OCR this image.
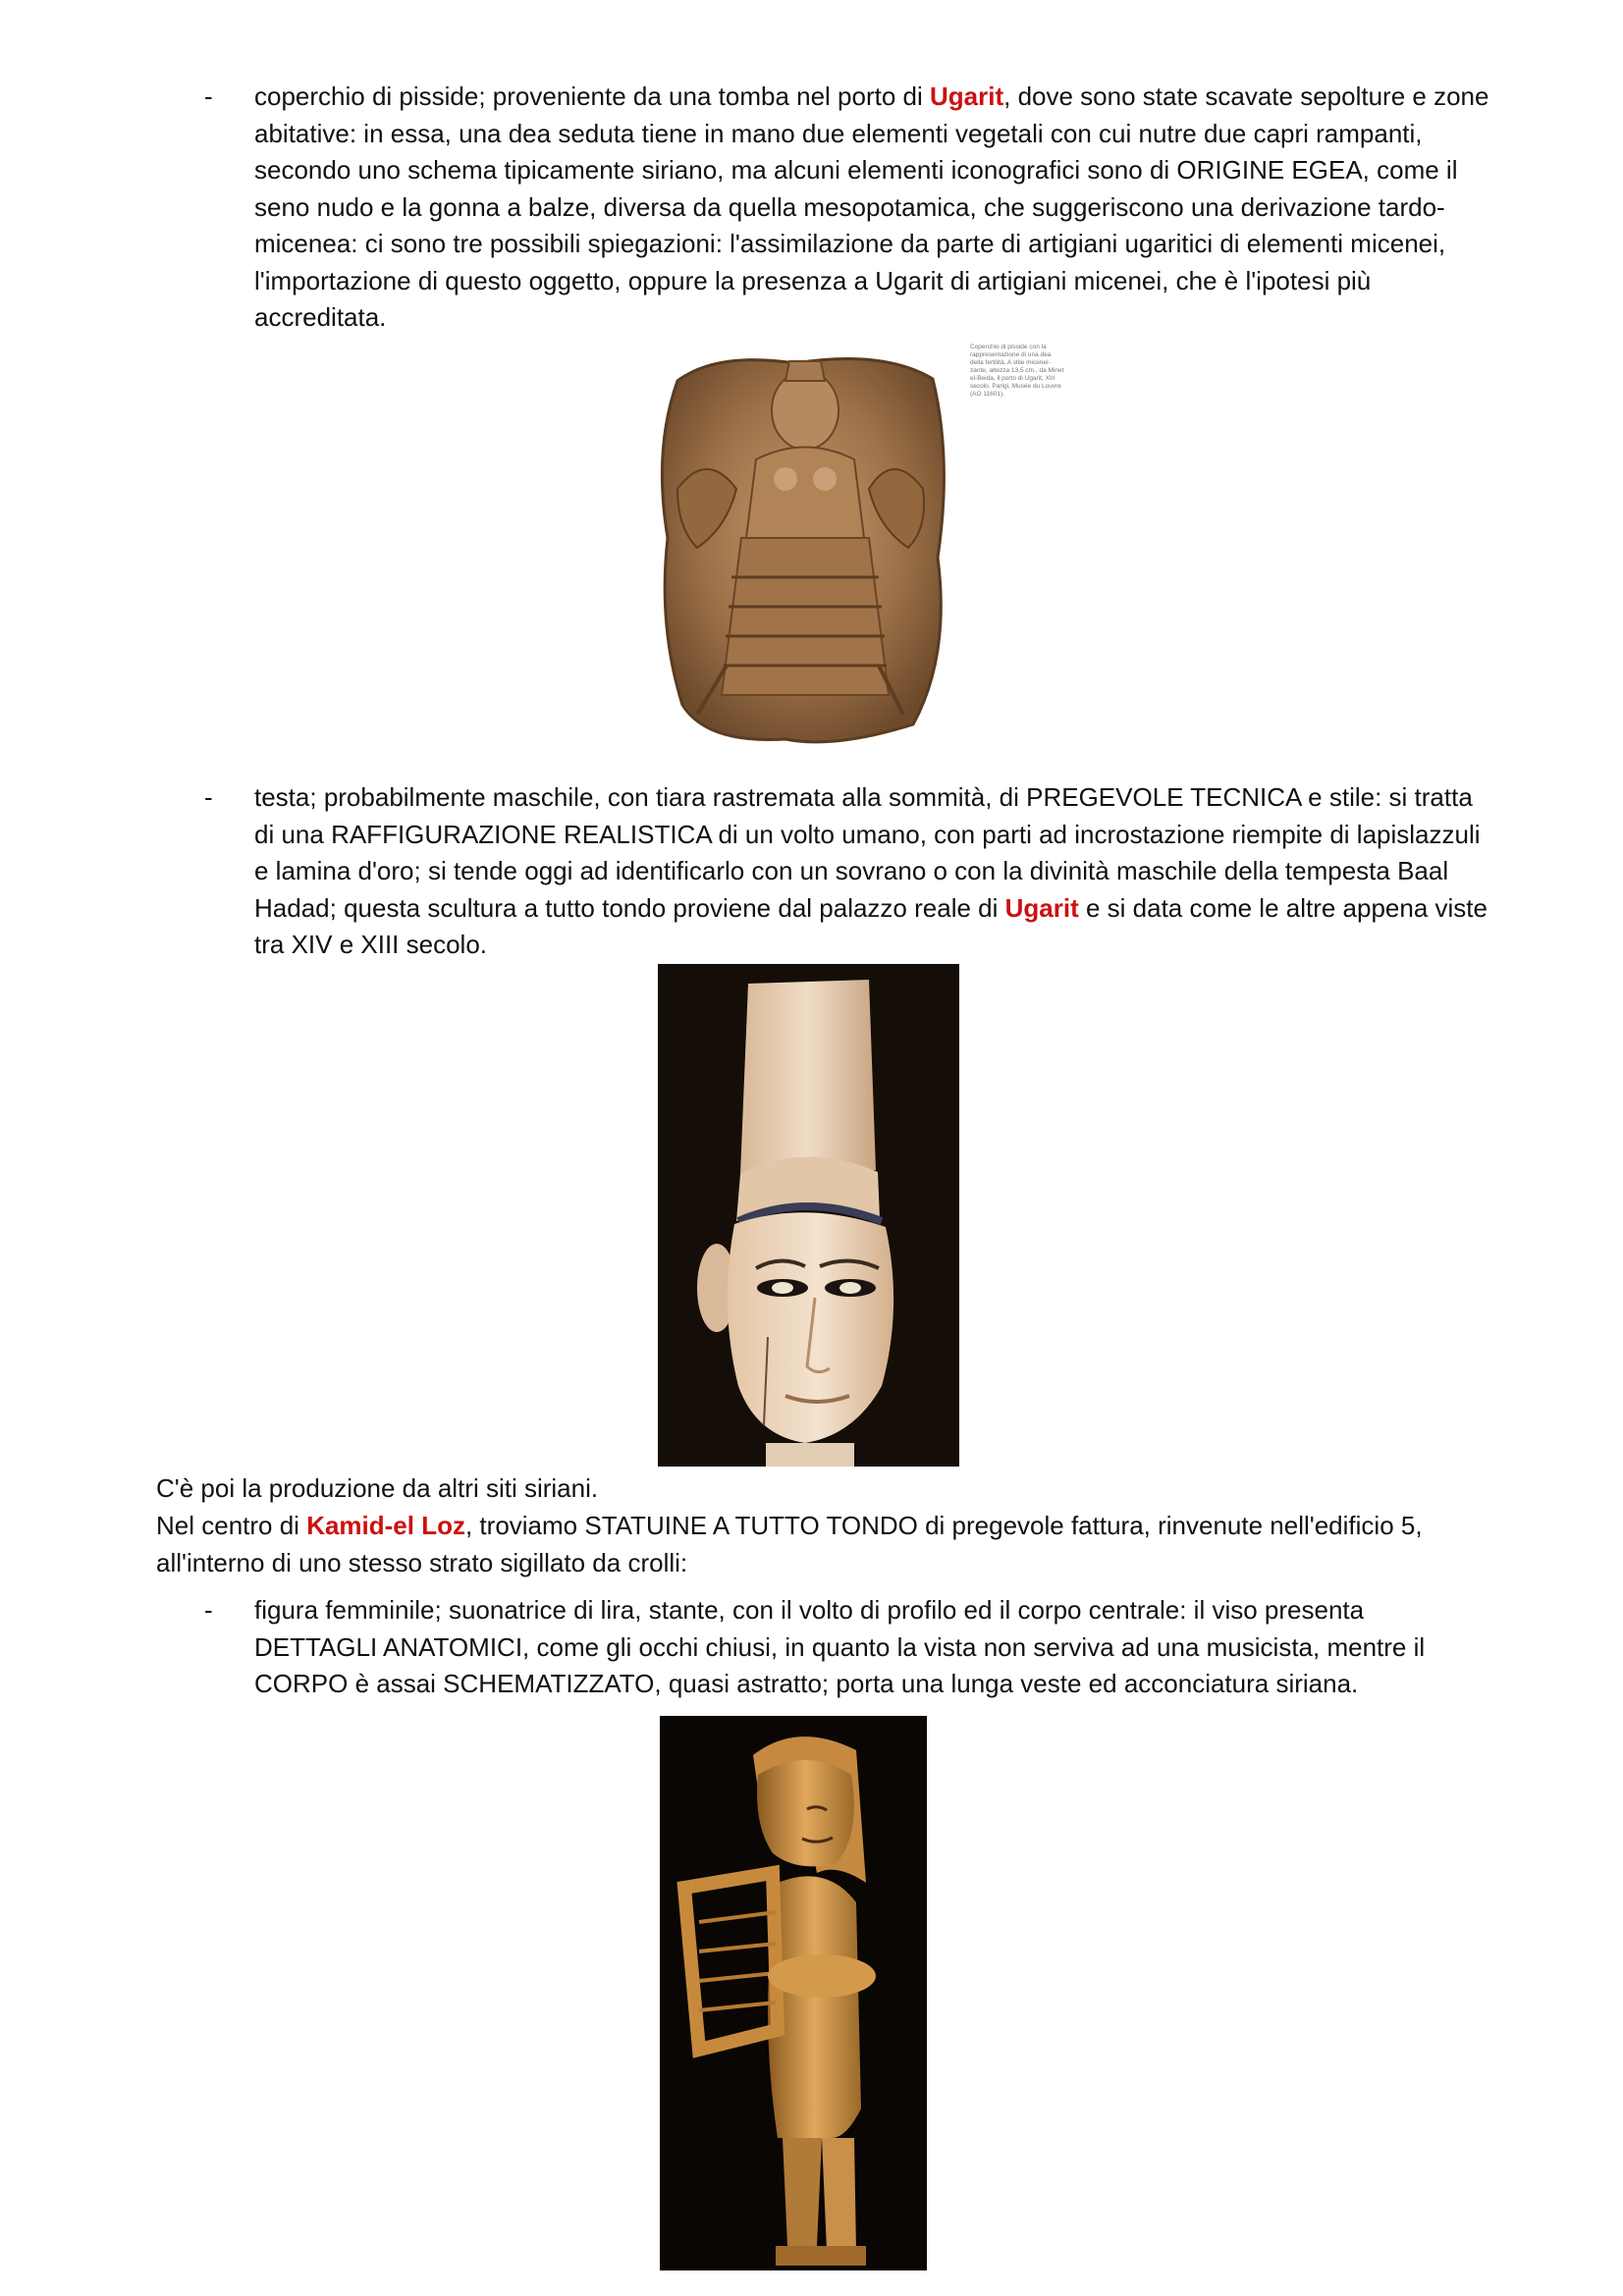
- coperchio di pisside; proveniente da una tomba nel porto di Ugarit, dove sono state scavate sepolture e zone abitative: in essa, una dea seduta tiene in mano due elementi vegetali con cui nutre due capri rampanti, secondo uno schema tipicamente siriano, ma alcuni elementi iconografici sono di ORIGINE EGEA, come il seno nudo e la gonna a balze, diversa da quella mesopotamica, che suggeriscono una derivazione tardo-micenea: ci sono tre possibili spiegazioni: l'assimilazione da parte di artigiani ugaritici di elementi micenei, l'importazione di questo oggetto, oppure la presenza a Ugarit di artigiani micenei, che è l'ipotesi più accreditata.
Coperchio di pisside con la
rappresentazione di una dea
della fertilità. A stile micenei-
zante, altezza 13,5 cm., da Minet
el-Beida, il porto di Ugarit, XIII
secolo. Parigi, Musée du Louvre
(AO 11601).
- testa; probabilmente maschile, con tiara rastremata alla sommità, di PREGEVOLE TECNICA e stile: si tratta di una RAFFIGURAZIONE REALISTICA di un volto umano, con parti ad incrostazione riempite di lapislazzuli e lamina d'oro; si tende oggi ad identificarlo con un sovrano o con la divinità maschile della tempesta Baal Hadad; questa scultura a tutto tondo proviene dal palazzo reale di Ugarit e si data come le altre appena viste tra XIV e XIII secolo.
C'è poi la produzione da altri siti siriani.
Nel centro di Kamid-el Loz, troviamo STATUINE A TUTTO TONDO di pregevole fattura, rinvenute nell'edificio 5, all'interno di uno stesso strato sigillato da crolli:
- figura femminile; suonatrice di lira, stante, con il volto di profilo ed il corpo centrale: il viso presenta DETTAGLI ANATOMICI, come gli occhi chiusi, in quanto la vista non serviva ad una musicista, mentre il CORPO è assai SCHEMATIZZATO, quasi astratto; porta una lunga veste ed acconciatura siriana.
